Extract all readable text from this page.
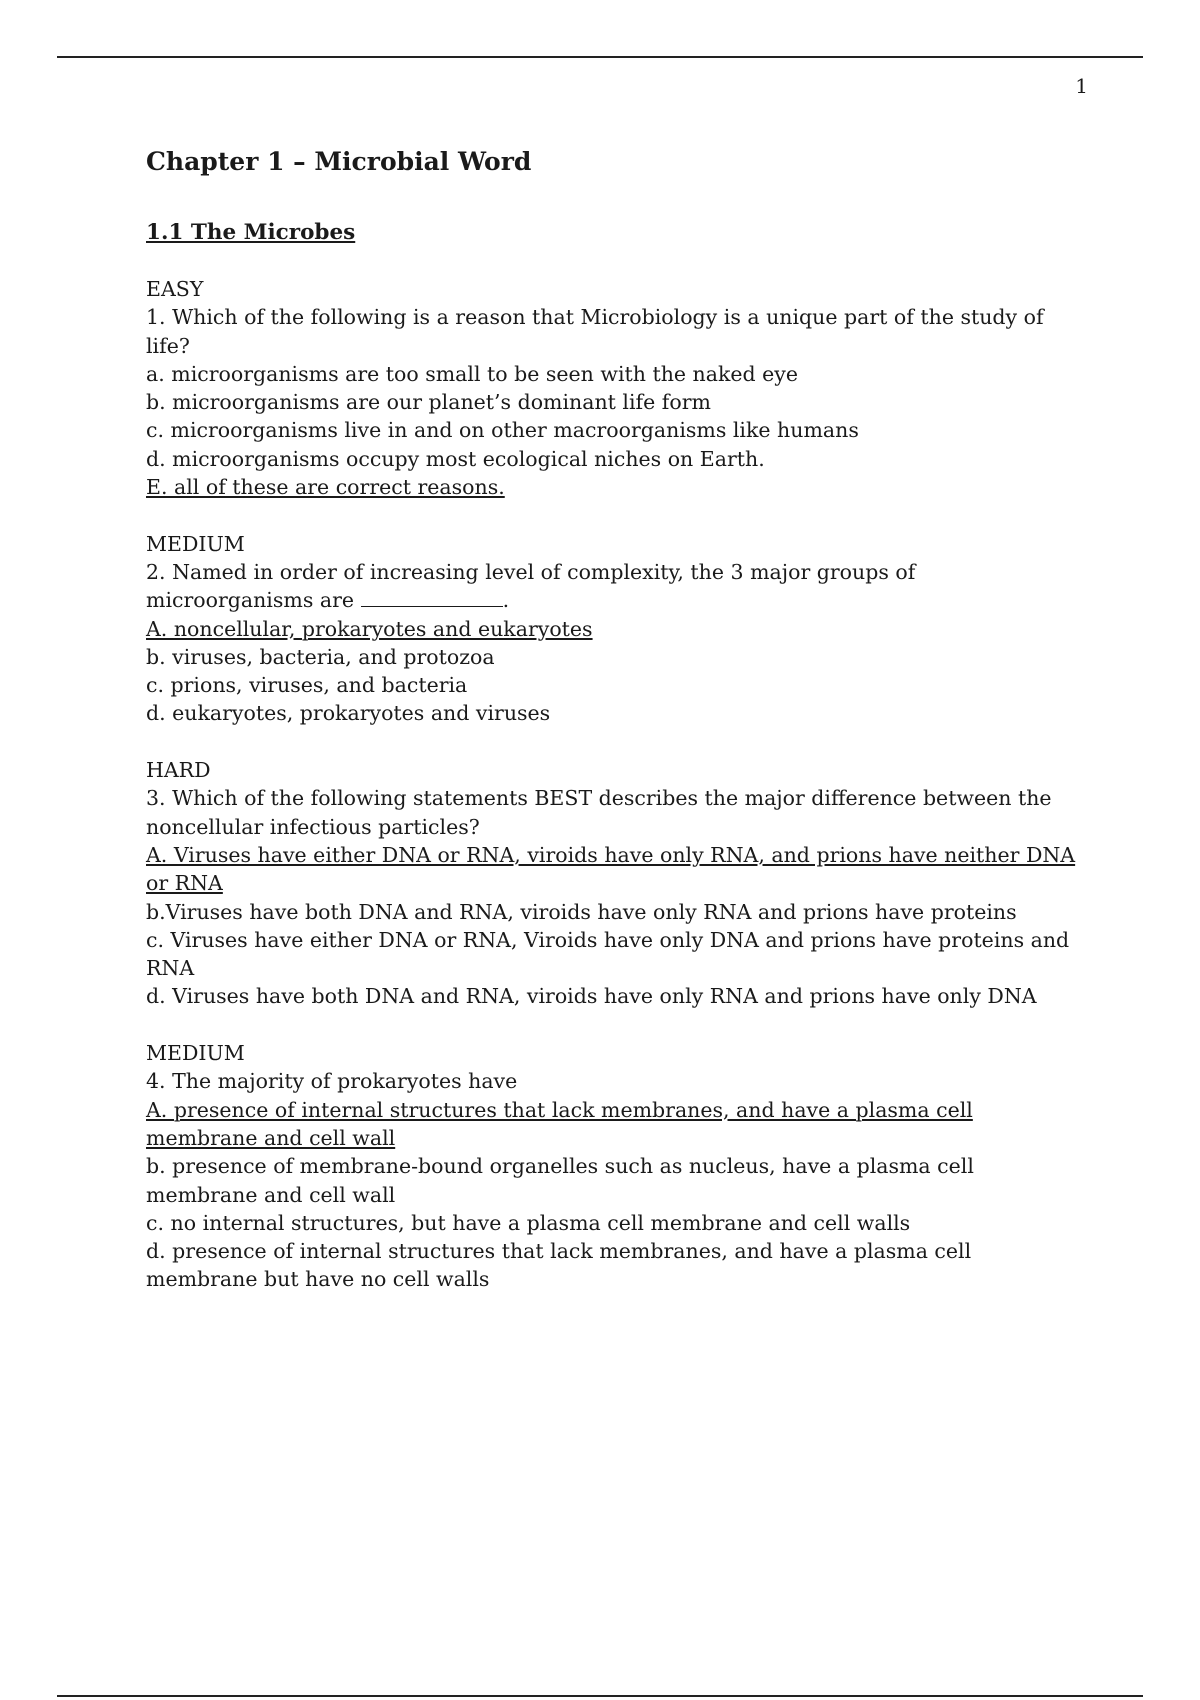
1
Chapter 1 – Microbial Word
1.1 The Microbes
EASY
1. Which of the following is a reason that Microbiology is a unique part of the study of life?
a. microorganisms are too small to be seen with the naked eye
b. microorganisms are our planet’s dominant life form
c. microorganisms live in and on other macroorganisms like humans
d. microorganisms occupy most ecological niches on Earth.
E. all of these are correct reasons.
MEDIUM
2. Named in order of increasing level of complexity, the 3 major groups of microorganisms are	.
A. noncellular, prokaryotes and eukaryotes
b. viruses, bacteria, and protozoa
c. prions, viruses, and bacteria
d. eukaryotes, prokaryotes and viruses
HARD
3. Which of the following statements BEST describes the major difference between the noncellular infectious particles?
A. Viruses have either DNA or RNA, viroids have only RNA, and prions have neither DNA or RNA
b.Viruses have both DNA and RNA, viroids have only RNA and prions have proteins
c. Viruses have either DNA or RNA, Viroids have only DNA and prions have proteins and RNA
d. Viruses have both DNA and RNA, viroids have only RNA and prions have only DNA
MEDIUM
4. The majority of prokaryotes have
A. presence of internal structures that lack membranes, and have a plasma cell membrane and cell wall
b. presence of membrane-bound organelles such as nucleus, have a plasma cell membrane and cell wall
c. no internal structures, but have a plasma cell membrane and cell walls
d. presence of internal structures that lack membranes, and have a plasma cell membrane but have no cell walls
